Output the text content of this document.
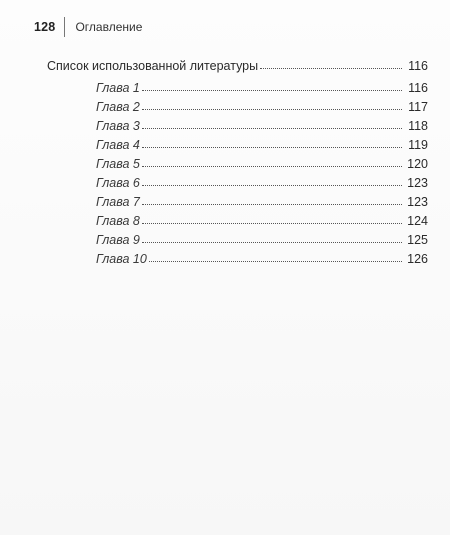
128 Оглавление
Список использованной литературы	116
Глава 1	116
Глава 2	117
Глава 3	118
Глава 4	119
Глава 5	120
Глава 6	123
Глава 7	123
Глава 8	124
Глава 9	125
Глава 10	126
